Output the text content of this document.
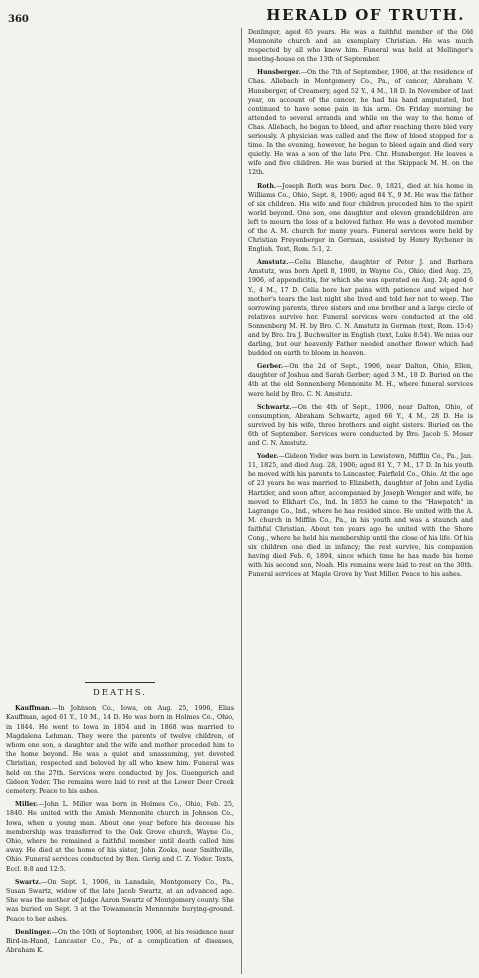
360	HERALD OF TRUTH.

Denlinger, aged 65 years. He was a faithful member of the Old Mennonite church and an exemplary Christian. He was much respected by all who knew him. Funeral was held at Mellinger's meeting-house on the 13th of September.

Hunsberger.—On the 7th of September, 1906, at the residence of Chas. Allebach in Montgomery Co., Pa., of cancer, Abraham V. Hunsberger, of Creamery, aged 52 Y., 4 M., 18 D. In November of last year, on account of the cancer, he had his hand amputated, but continued to have some pain in his arm. On Friday morning he attended to several errands and while on the way to the home of Chas. Allebach, he began to bleed, and after reaching there bled very seriously. A physician was called and the flow of blood stopped for a time. In the evening, however, he began to bleed again and died very quietly. He was a son of the late Pre. Chr. Hunsberger. He leaves a wife and five children. He was buried at the Skippack M. H. on the 12th.

Roth.—Joseph Roth was born Dec. 9, 1821, died at his home in Williams Co., Ohio, Sept. 8, 1906; aged 84 Y., 9 M. He was the father of six children. His wife and four children preceded him to the spirit world beyond. One son, one daughter and eleven grandchildren are left to mourn the loss of a beloved father. He was a devoted member of the A. M. church for many years. Funeral services were held by Christian Freyenberger in German, assisted by Henry Rychener in English. Text, Rom. 5:1, 2.

Amstutz.—Celia Blanche, daughter of Peter J. and Barbara Amstutz, was born April 8, 1900, in Wayne Co., Ohio; died Aug. 25, 1906, of appendicitis, for which she was operated on Aug. 24; aged 6 Y., 4 M., 17 D. Celia bore her pains with patience and wiped her mother's tears the last night she lived and told her not to weep. The sorrowing parents, three sisters and one brother and a large circle of relatives survive her. Funeral services were conducted at the old Sonnenberg M. H. by Bro. C. N. Amstutz in German (text, Rom. 15:4) and by Bro. Ira J. Buchwalter in English (text, Luke 8:54). We miss our darling, but our heavenly Father needed another flower which had budded on earth to bloom in heaven.

Gerber.—On the 2d of Sept., 1906, near Dalton, Ohio, Ellen, daughter of Joshua and Sarah Gerber; aged 3 M., 18 D. Buried on the 4th at the old Sonnenberg Mennonite M. H., where funeral services were held by Bro. C. N. Amstutz.

Schwartz.—On the 4th of Sept., 1906, near Dalton, Ohio, of consumption, Abraham Schwartz, aged 66 Y., 4 M., 28 D. He is survived by his wife, three brothers and eight sisters. Buried on the 6th of September. Services were conducted by Bro. Jacob S. Moser and C. N. Amstutz.

Yoder.—Gideon Yoder was born in Lewistown, Mifflin Co., Pa., Jan. 11, 1825, and died Aug. 28, 1906; aged 81 Y., 7 M., 17 D. In his youth he moved with his parents to Lancaster, Fairfield Co., Ohio. At the age of 23 years he was married to Elizabeth, daughter of John and Lydia Hartzler, and soon after, accompanied by Joseph Wenger and wife, he moved to Elkhart Co., Ind. In 1853 he came to the "Hawpatch" in Lagrange Co., Ind., where he has resided since. He united with the A. M. church in Mifflin Co., Pa., in his youth and was a staunch and faithful Christian. About ten years ago he united with the Shore Cong., where he held his membership until the close of his life. Of his six children one died in infancy; the rest survive, his companion having died Feb. 6, 1894, since which time he has made his home with his second son, Noah. His remains were laid to rest on the 30th. Funeral services at Maple Grove by Yost Miller. Peace to his ashes.

DEATHS.

Kauffman.—In Johnson Co., Iowa, on Aug. 25, 1906, Elias Kauffman, aged 61 Y., 10 M., 14 D. He was born in Holmes Co., Ohio, in 1844. He went to Iowa in 1854 and in 1868 was married to Magdalena Lehman. They were the parents of twelve children, of whom one son, a daughter and the wife and mother preceded him to the home beyond. He was a quiet and unassuming, yet devoted Christian, respected and beloved by all who knew him. Funeral was held on the 27th. Services were conducted by Jos. Guengerich and Gideon Yoder. The remains were laid to rest at the Lower Deer Creek cemetery. Peace to his ashes.

Miller.—John L. Miller was born in Holmes Co., Ohio, Feb. 25, 1840. He united with the Amish Mennonite church in Johnson Co., Iowa, when a young man. About one year before his decease his membership was transferred to the Oak Grove church, Wayne Co., Ohio, where he remained a faithful member until death called him away. He died at the home of his sister, John Zooks, near Smithville, Ohio. Funeral services conducted by Ben. Gerig and C. Z. Yoder. Texts, Eccl. 8:8 and 12:5.

Swartz.—On Sept. 1, 1906, in Lansdale, Montgomery Co., Pa., Susan Swartz, widow of the late Jacob Swartz, at an advanced age. She was the mother of Judge Aaron Swartz of Montgomery county. She was buried on Sept. 3 at the Towamencin Mennonite burying-ground. Peace to her ashes.

Denlinger.—On the 10th of September, 1906, at his residence near Bird-in-Hand, Lancaster Co., Pa., of a complication of diseases, Abraham K.
